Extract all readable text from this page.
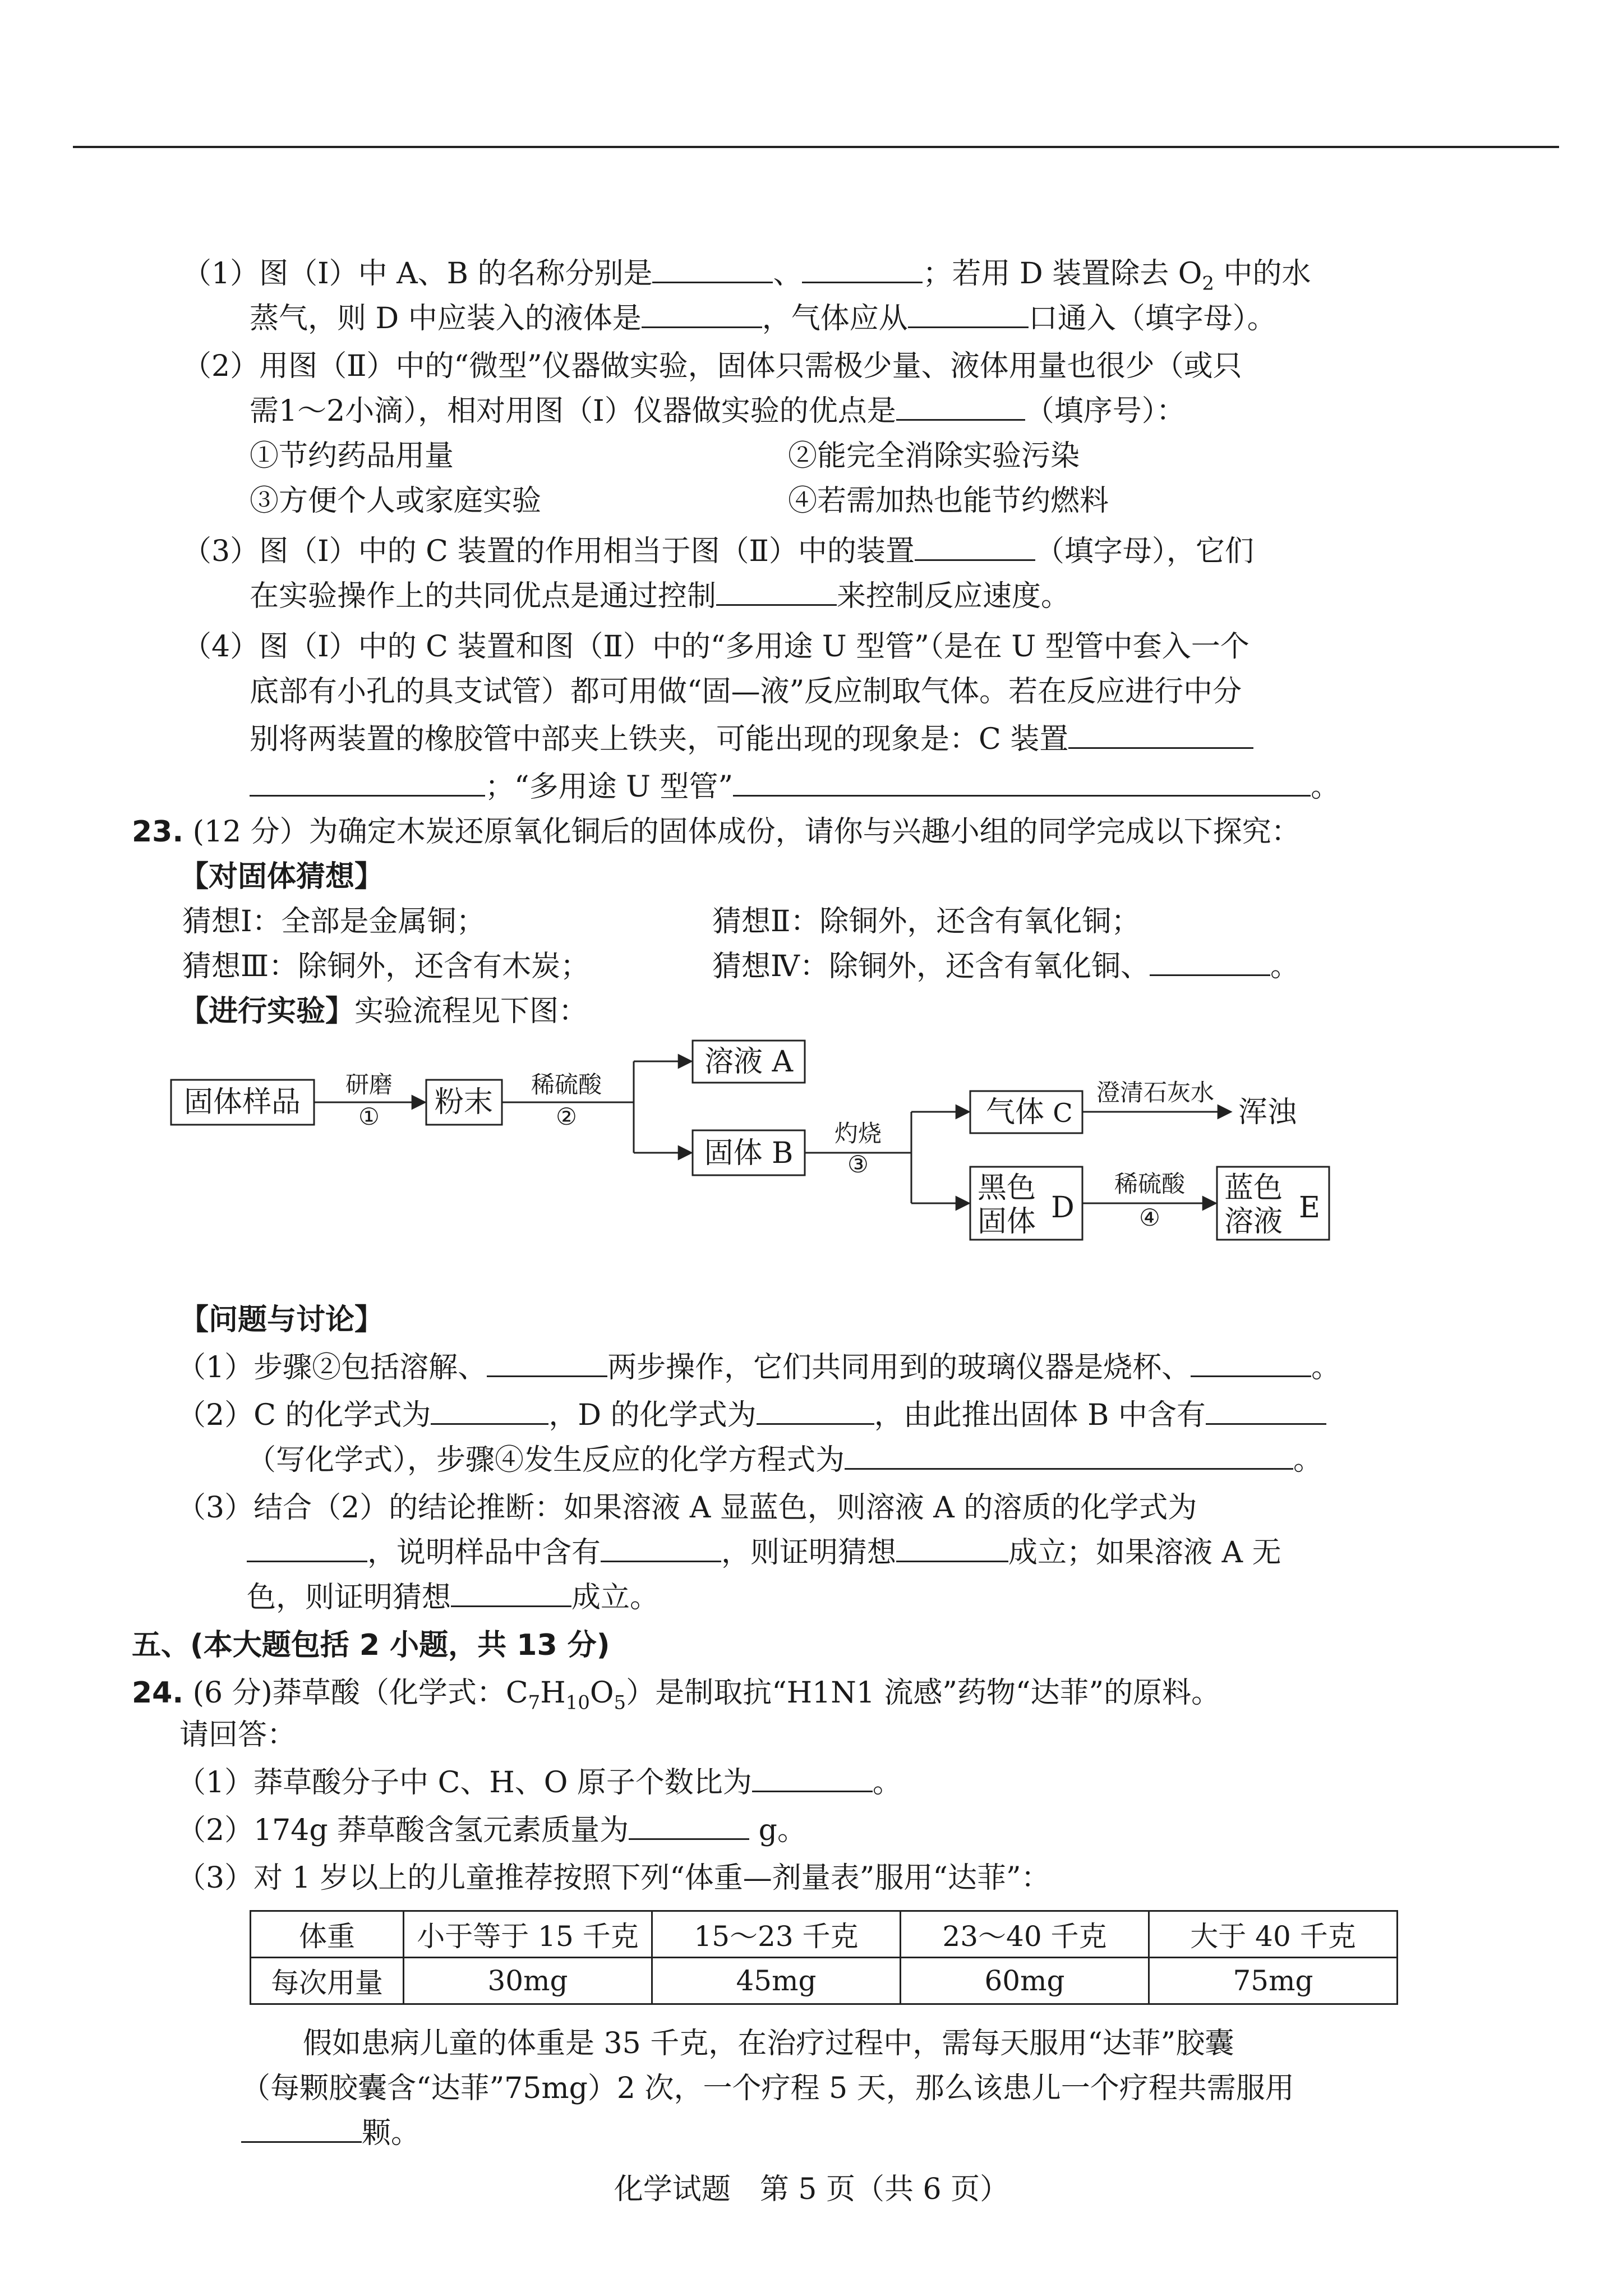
（1）图（Ⅰ）中 A、B 的名称分别是	、	；若用 D 装置除去 $O_2$ 中的水
蒸气，则 D 中应装入的液体是	，气体应从	口通入（填字母）。
（2）用图（Ⅱ）中的“微型”仪器做实验，固体只需极少量、液体用量也很少（或只
需1～2小滴），相对用图（Ⅰ）仪器做实验的优点是	（填序号）：
①节约药品用量	②能完全消除实验污染
③方便个人或家庭实验	④若需加热也能节约燃料
（3）图（Ⅰ）中的 C 装置的作用相当于图（Ⅱ）中的装置	（填字母），它们
在实验操作上的共同优点是通过控制	来控制反应速度。
（4）图（Ⅰ）中的 C 装置和图（Ⅱ）中的“多用途 U 型管”（是在 U 型管中套入一个
底部有小孔的具支试管）都可用做“固—液”反应制取气体。若在反应进行中分
别将两装置的橡胶管中部夹上铁夹，可能出现的现象是：C 装置
；“多用途 U 型管”	。
23. (12 分）为确定木炭还原氧化铜后的固体成份，请你与兴趣小组的同学完成以下探究：
【对固体猜想】
猜想Ⅰ：全部是金属铜；	猜想Ⅱ：除铜外，还含有氧化铜；
猜想Ⅲ：除铜外，还含有木炭；	猜想Ⅳ：除铜外，还含有氧化铜、	。
【进行实验】实验流程见下图：
固体样品
研磨
① 粉末
稀硫酸
②
溶液 A
固体 B
灼烧
③
气体 C
澄清石灰水
浑浊
黑色
固体 D
稀硫酸
④
蓝色
溶液 E
【问题与讨论】
（1）步骤②包括溶解、	两步操作，它们共同用到的玻璃仪器是烧杯、	。
（2）C 的化学式为	，D 的化学式为	，由此推出固体 B 中含有
（写化学式），步骤④发生反应的化学方程式为	。
（3）结合（2）的结论推断：如果溶液 A 显蓝色，则溶液 A 的溶质的化学式为
，说明样品中含有	，则证明猜想	成立；如果溶液 A 无
色，则证明猜想	成立。
五、(本大题包括 2 小题，共 13 分)
24. (6 分)莽草酸（化学式：$C_7H_{10}O_5$）是制取抗“H1N1 流感”药物“达菲”的原料。
请回答：
（1）莽草酸分子中 C、H、O 原子个数比为	。
（2）174g 莽草酸含氢元素质量为	g。
（3）对 1 岁以上的儿童推荐按照下列“体重—剂量表”服用“达菲”：
体重	小于等于 15 千克	15～23 千克	23～40 千克	大于 40 千克
每次用量	30mg	45mg	60mg	75mg
假如患病儿童的体重是 35 千克，在治疗过程中，需每天服用“达菲”胶囊
（每颗胶囊含“达菲”75mg）2 次，一个疗程 5 天，那么该患儿一个疗程共需服用
颗。
化学试题　第 5 页（共 6 页）
